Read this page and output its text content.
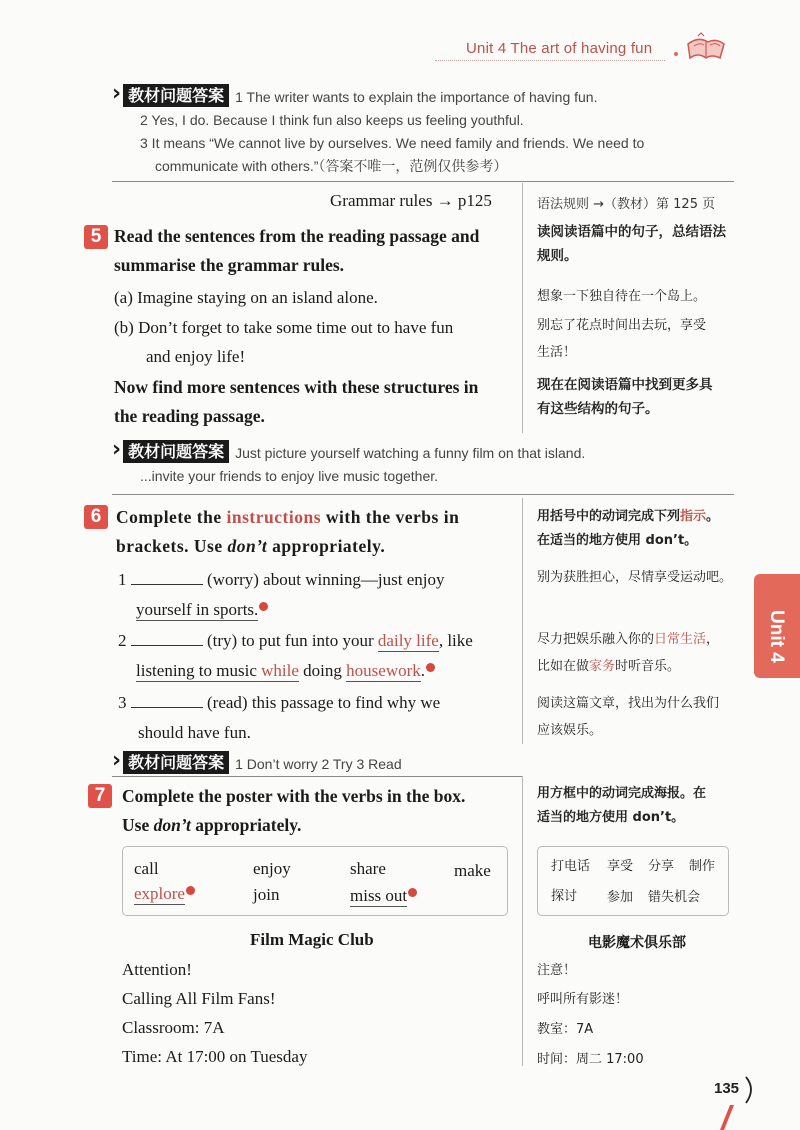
Unit 4 The art of having fun
› 教材问题答案 1 The writer wants to explain the importance of having fun.
2 Yes, I do. Because I think fun also keeps us feeling youthful.
3 It means “We cannot live by ourselves. We need family and friends. We need to
communicate with others.”（答案不唯一，范例仅供参考）
Grammar rules → p125	语法规则 →（教材）第 125 页
5 Read the sentences from the reading passage and
summarise the grammar rules.
(a) Imagine staying on an island alone.
(b) Don’t forget to take some time out to have fun
and enjoy life!
Now find more sentences with these structures in
the reading passage.
读阅读语篇中的句子，总结语法
规则。
想象一下独自待在一个岛上。
别忘了花点时间出去玩，享受
生活！
现在在阅读语篇中找到更多具
有这些结构的句子。
› 教材问题答案 Just picture yourself watching a funny film on that island.
...invite your friends to enjoy live music together.
6 Complete the instructions with the verbs in
brackets. Use don’t appropriately.
1	(worry) about winning—just enjoy
yourself in sports.
2	(try) to put fun into your daily life, like
listening to music while doing housework.
3	(read) this passage to find why we
should have fun.
用括号中的动词完成下列指示。
在适当的地方使用 don’t。
别为获胜担心，尽情享受运动吧。
尽力把娱乐融入你的日常生活，
比如在做家务时听音乐。
阅读这篇文章，找出为什么我们
应该娱乐。
› 教材问题答案 1 Don’t worry 2 Try 3 Read
7 Complete the poster with the verbs in the box.
Use don’t appropriately.
用方框中的动词完成海报。在
适当的地方使用 don’t。
call	enjoy	share	make
explore	join	miss out
打电话 享受 分享 制作
探讨 参加 错失机会
Film Magic Club	电影魔术俱乐部
Attention!
Calling All Film Fans!
Classroom: 7A
Time: At 17:00 on Tuesday
注意！
呼叫所有影迷！
教室：7A
时间：周二 17:00
Unit 4
135
